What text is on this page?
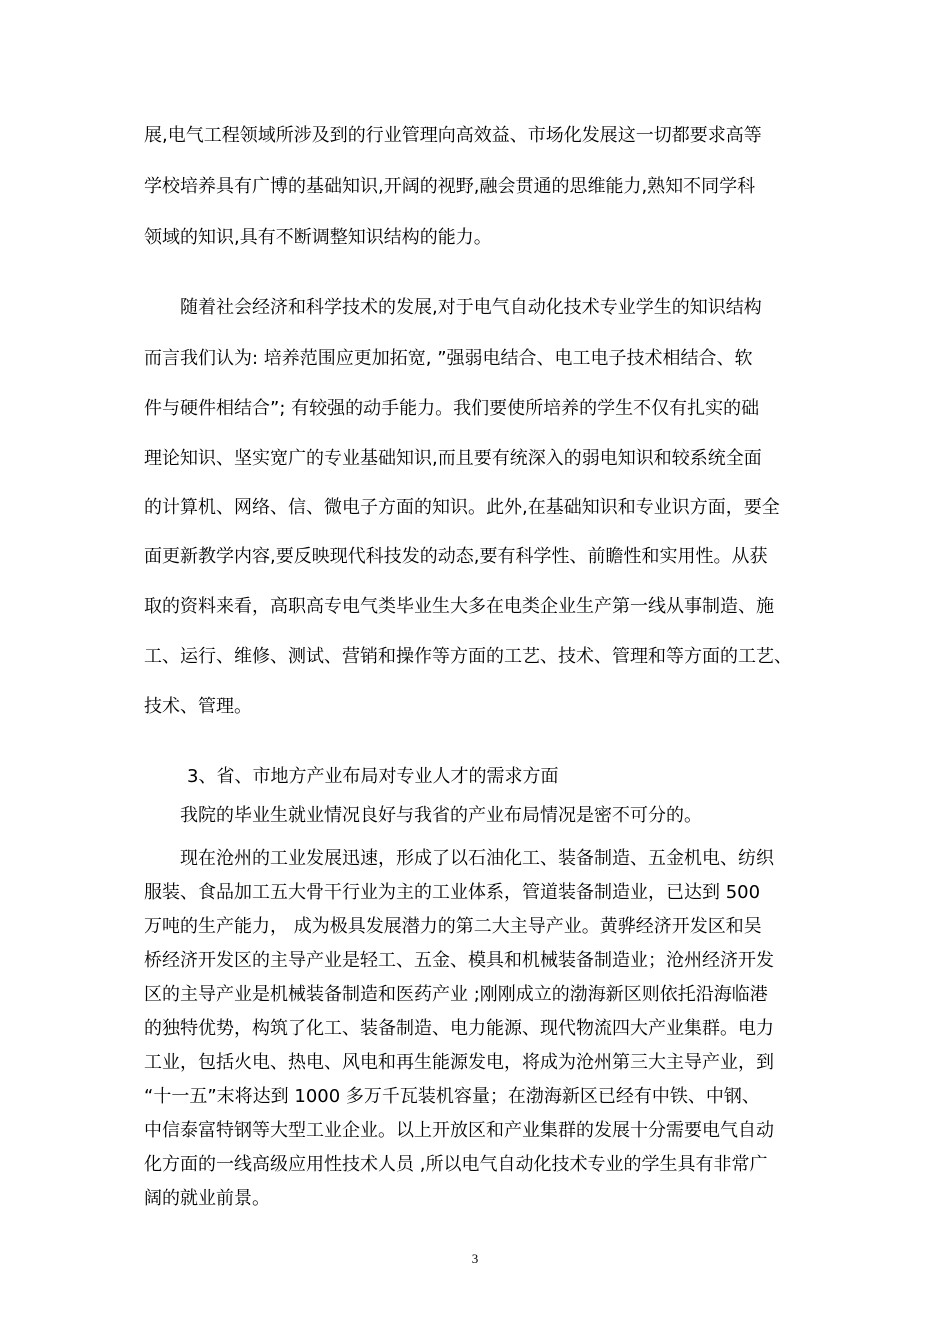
展,电气工程领域所涉及到的行业管理向高效益、市场化发展这一切都要求高等
学校培养具有广博的基础知识,开阔的视野,融会贯通的思维能力,熟知不同学科
领域的知识,具有不断调整知识结构的能力。
随着社会经济和科学技术的发展,对于电气自动化技术专业学生的知识结构
而言我们认为: 培养范围应更加拓宽, ”强弱电结合、电工电子技术相结合、软
件与硬件相结合”; 有较强的动手能力。我们要使所培养的学生不仅有扎实的础
理论知识、坚实宽广的专业基础知识,而且要有统深入的弱电知识和较系统全面
的计算机、网络、信、微电子方面的知识。此外,在基础知识和专业识方面，要全
面更新教学内容,要反映现代科技发的动态,要有科学性、前瞻性和实用性。从获
取的资料来看，高职高专电气类毕业生大多在电类企业生产第一线从事制造、施
工、运行、维修、测试、营销和操作等方面的工艺、技术、管理和等方面的工艺、
技术、管理。
3、省、市地方产业布局对专业人才的需求方面
我院的毕业生就业情况良好与我省的产业布局情况是密不可分的。
现在沧州的工业发展迅速，形成了以石油化工、装备制造、五金机电、纺织
服装、食品加工五大骨干行业为主的工业体系，管道装备制造业，已达到 500
万吨的生产能力， 成为极具发展潜力的第二大主导产业。黄骅经济开发区和吴
桥经济开发区的主导产业是轻工、五金、模具和机械装备制造业；沧州经济开发
区的主导产业是机械装备制造和医药产业 ;刚刚成立的渤海新区则依托沿海临港
的独特优势，构筑了化工、装备制造、电力能源、现代物流四大产业集群。电力
工业，包括火电、热电、风电和再生能源发电，将成为沧州第三大主导产业，到
“十一五”末将达到 1000 多万千瓦装机容量；在渤海新区已经有中铁、中钢、
中信泰富特钢等大型工业企业。以上开放区和产业集群的发展十分需要电气自动
化方面的一线高级应用性技术人员 ,所以电气自动化技术专业的学生具有非常广
阔的就业前景。
3
